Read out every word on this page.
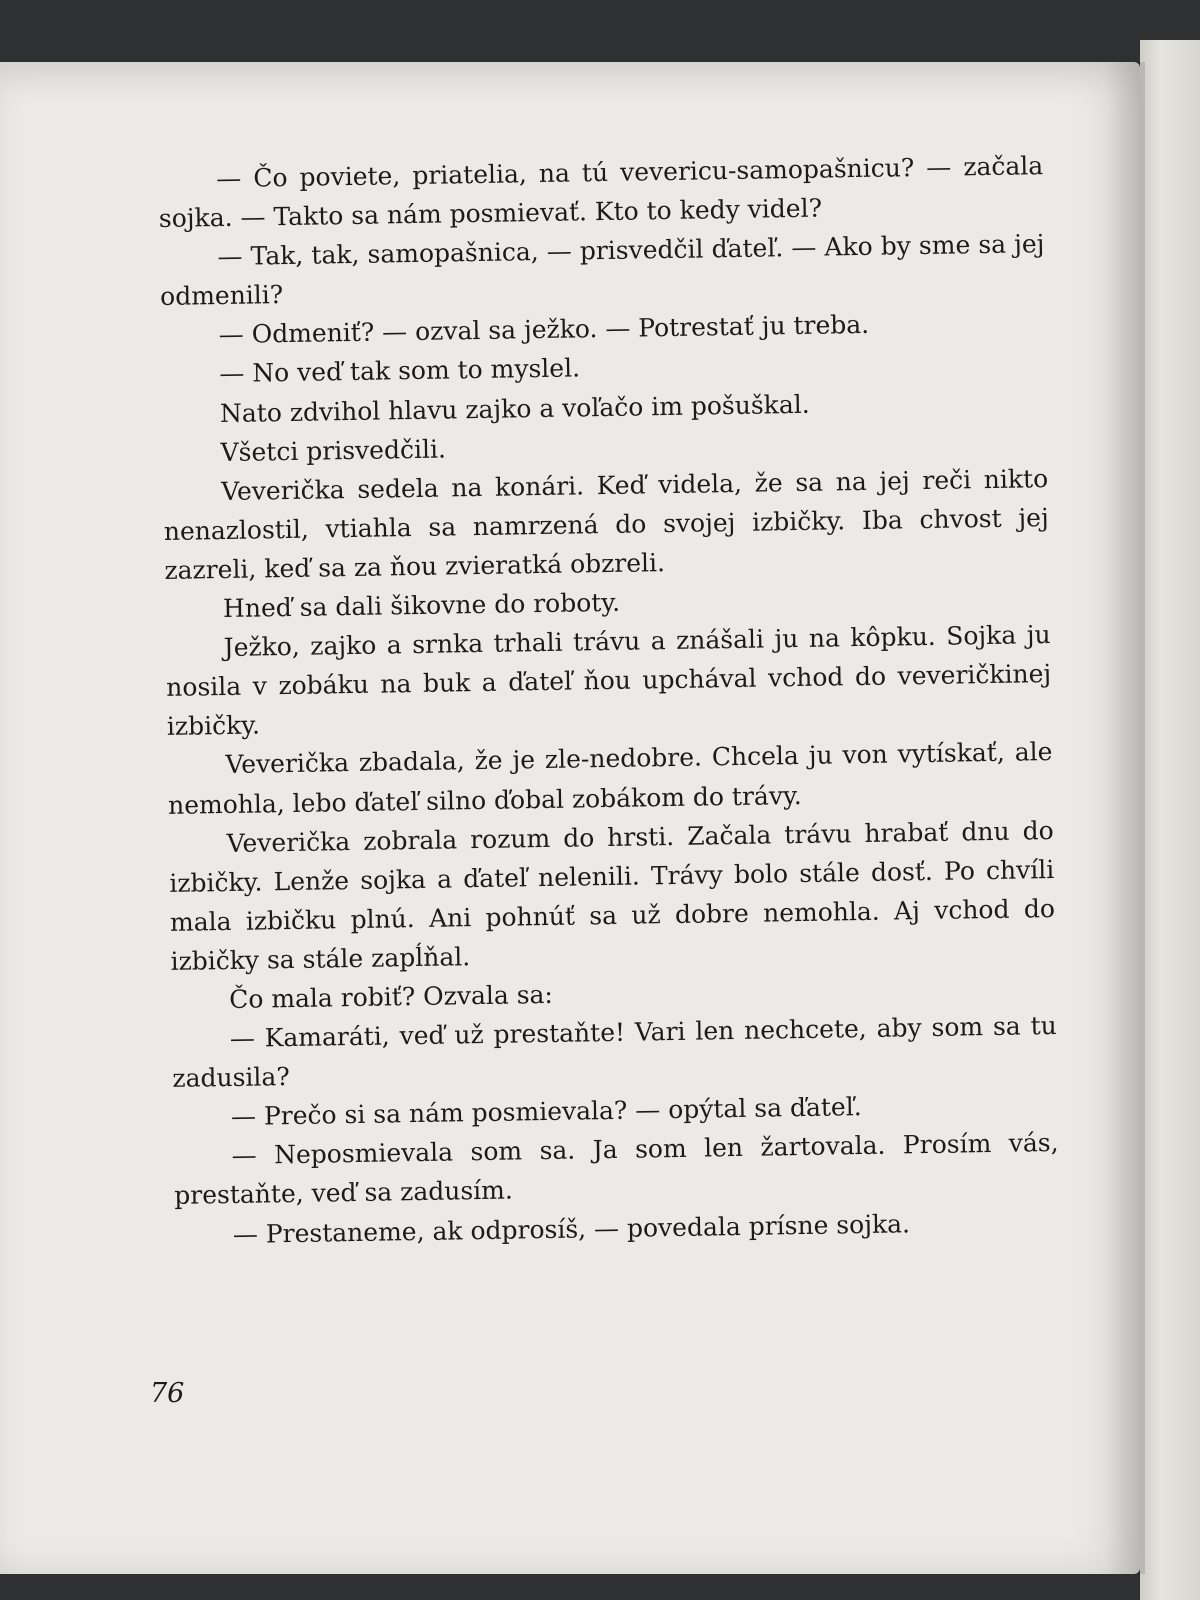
— Čo poviete, priatelia, na tú vevericu-samopašnicu? — začala sojka. — Takto sa nám posmievať. Kto to kedy videl?

— Tak, tak, samopašnica, — prisvedčil ďateľ. — Ako by sme sa jej odmenili?

— Odmeniť? — ozval sa ježko. — Potrestať ju treba.

— No veď tak som to myslel.

Nato zdvihol hlavu zajko a voľačo im pošuškal.

Všetci prisvedčili.

Veverička sedela na konári. Keď videla, že sa na jej reči nikto nenazlostil, vtiahla sa namrzená do svojej izbičky. Iba chvost jej zazreli, keď sa za ňou zvieratká obzreli.

Hneď sa dali šikovne do roboty.

Ježko, zajko a srnka trhali trávu a znášali ju na kôpku. Sojka ju nosila v zobáku na buk a ďateľ ňou upchával vchod do veveričkinej izbičky.

Veverička zbadala, že je zle-nedobre. Chcela ju von vytískať, ale nemohla, lebo ďateľ silno ďobal zobákom do trávy.

Veverička zobrala rozum do hrsti. Začala trávu hrabať dnu do izbičky. Lenže sojka a ďateľ nelenili. Trávy bolo stále dosť. Po chvíli mala izbičku plnú. Ani pohnúť sa už dobre nemohla. Aj vchod do izbičky sa stále zapĺňal.

Čo mala robiť? Ozvala sa:

— Kamaráti, veď už prestaňte! Vari len nechcete, aby som sa tu zadusila?

— Prečo si sa nám posmievala? — opýtal sa ďateľ.

— Neposmievala som sa. Ja som len žartovala. Prosím vás, prestaňte, veď sa zadusím.

— Prestaneme, ak odprosíš, — povedala prísne sojka.

76
